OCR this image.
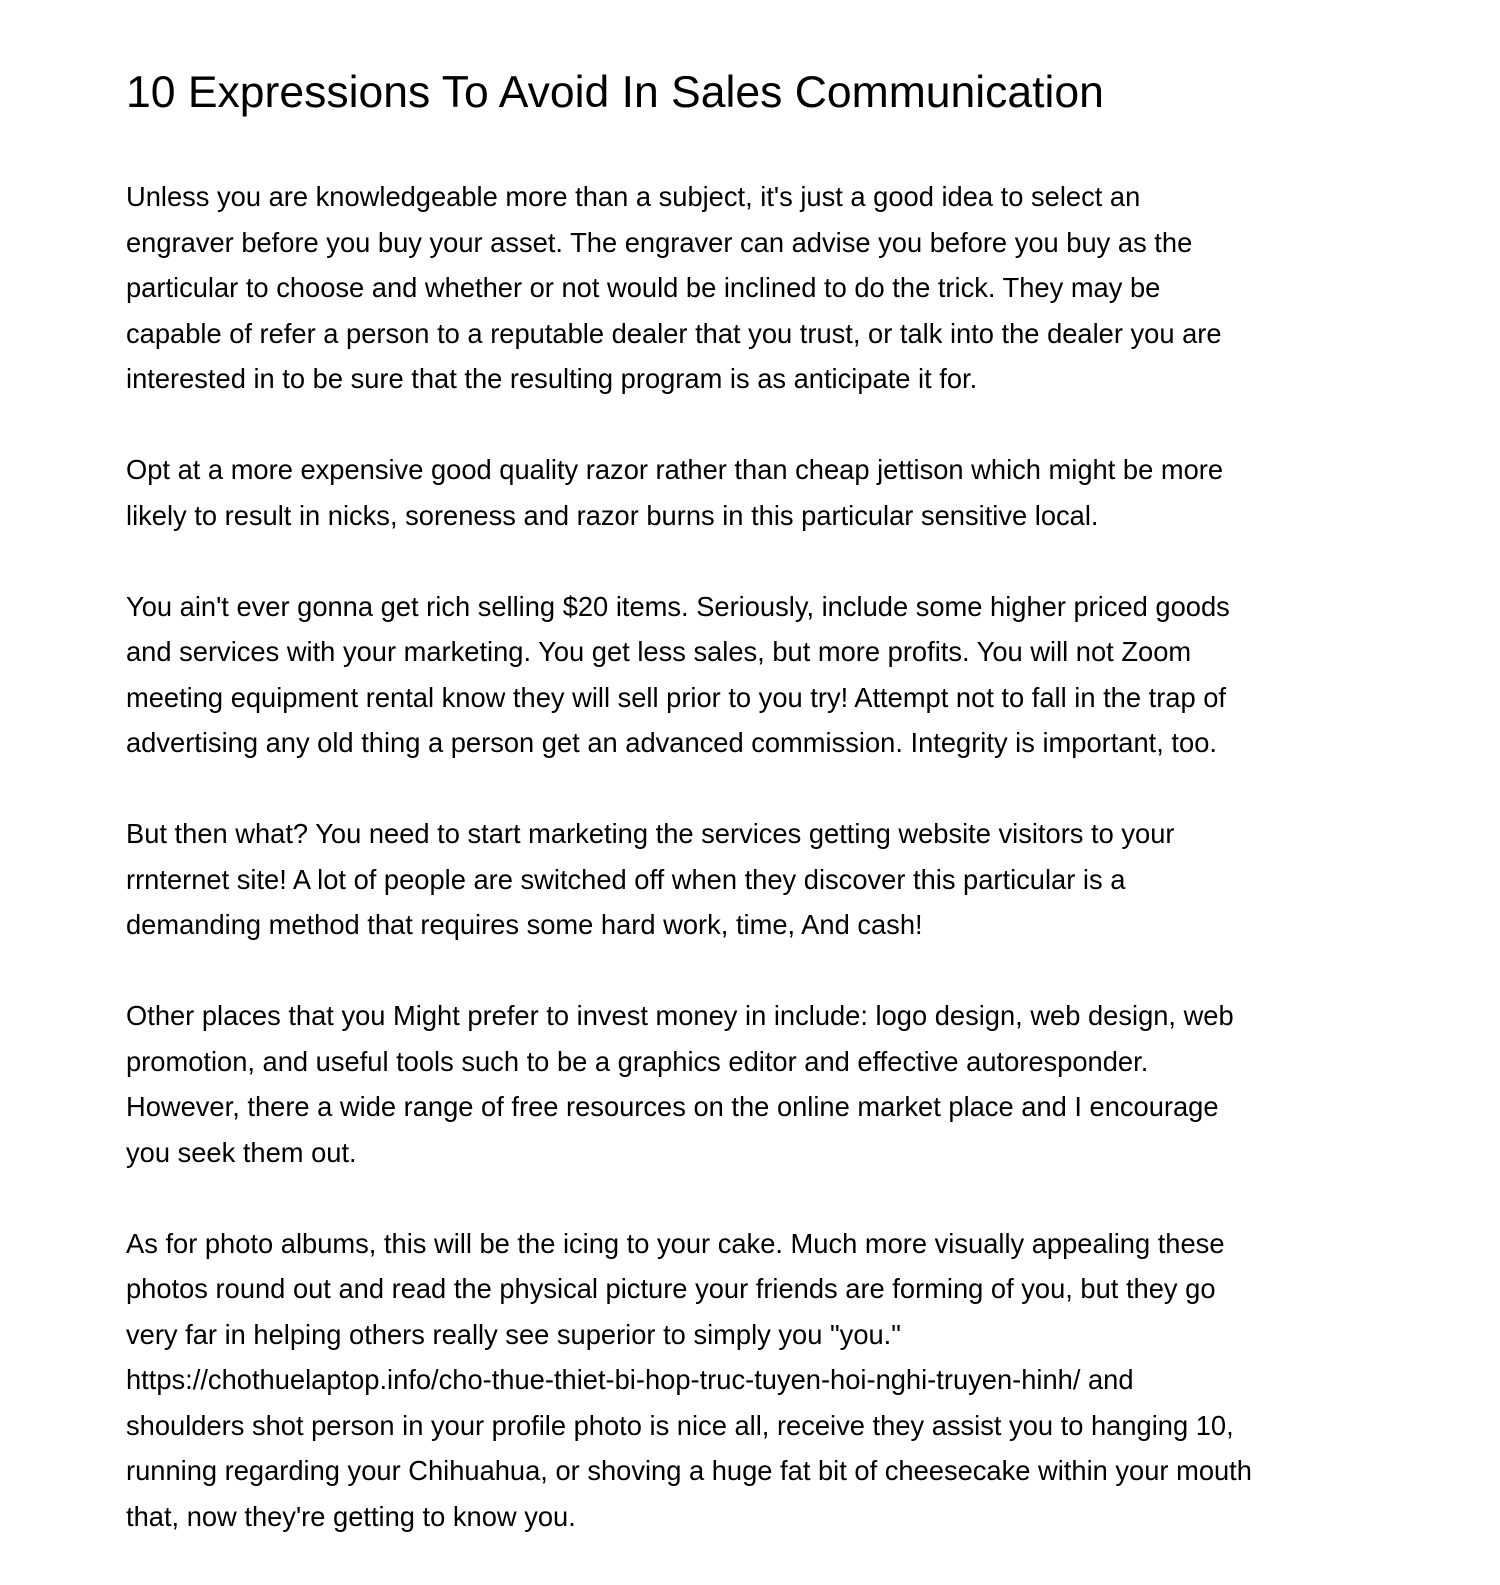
10 Expressions To Avoid In Sales Communication

Unless you are knowledgeable more than a subject, it's just a good idea to select an
engraver before you buy your asset. The engraver can advise you before you buy as the
particular to choose and whether or not would be inclined to do the trick. They may be
capable of refer a person to a reputable dealer that you trust, or talk into the dealer you are
interested in to be sure that the resulting program is as anticipate it for.

Opt at a more expensive good quality razor rather than cheap jettison which might be more
likely to result in nicks, soreness and razor burns in this particular sensitive local.

You ain't ever gonna get rich selling $20 items. Seriously, include some higher priced goods
and services with your marketing. You get less sales, but more profits. You will not Zoom
meeting equipment rental know they will sell prior to you try! Attempt not to fall in the trap of
advertising any old thing a person get an advanced commission. Integrity is important, too.

But then what? You need to start marketing the services getting website visitors to your
rrnternet site! A lot of people are switched off when they discover this particular is a
demanding method that requires some hard work, time, And cash!

Other places that you Might prefer to invest money in include: logo design, web design, web
promotion, and useful tools such to be a graphics editor and effective autoresponder.
However, there a wide range of free resources on the online market place and I encourage
you seek them out.

As for photo albums, this will be the icing to your cake. Much more visually appealing these
photos round out and read the physical picture your friends are forming of you, but they go
very far in helping others really see superior to simply you "you."
https://chothuelaptop.info/cho-thue-thiet-bi-hop-truc-tuyen-hoi-nghi-truyen-hinh/ and
shoulders shot person in your profile photo is nice all, receive they assist you to hanging 10,
running regarding your Chihuahua, or shoving a huge fat bit of cheesecake within your mouth
that, now they're getting to know you.
